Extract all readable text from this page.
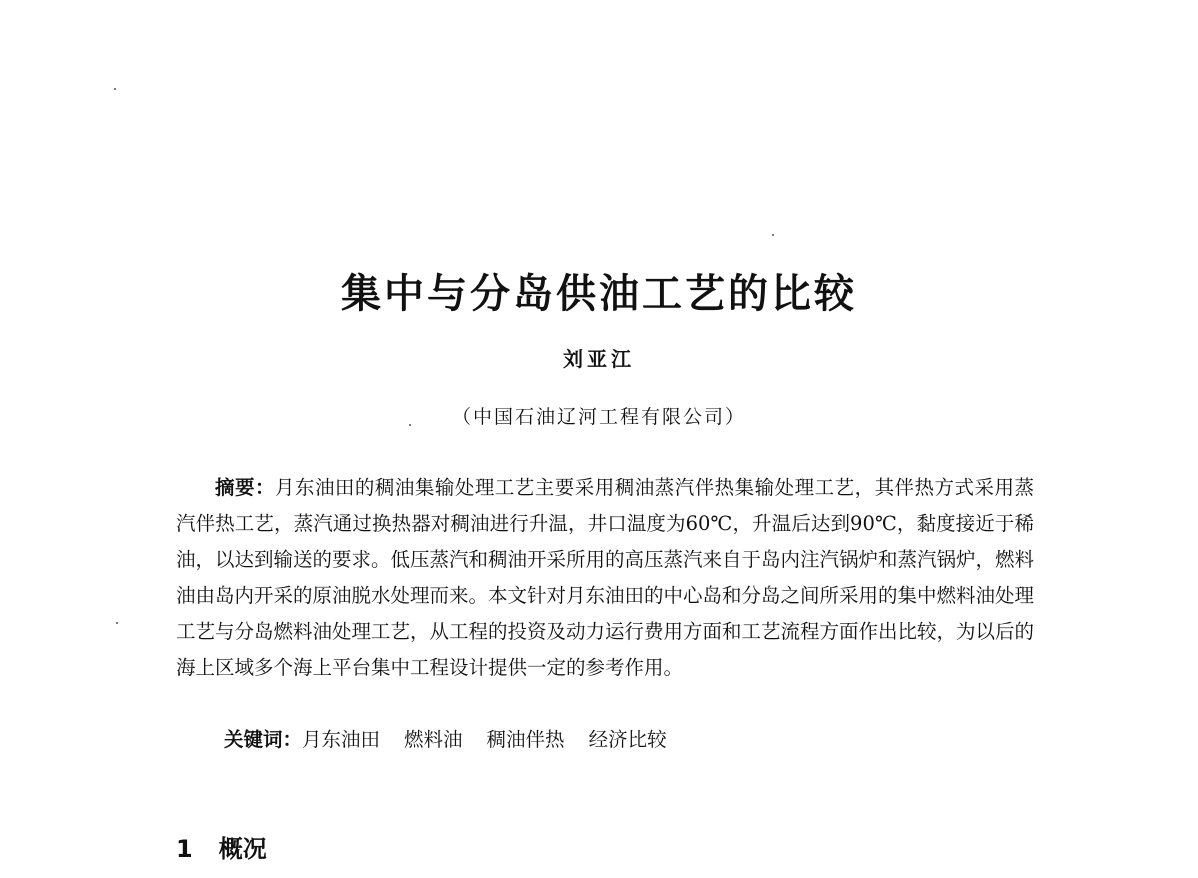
集中与分岛供油工艺的比较
刘亚江
（中国石油辽河工程有限公司）

摘要：月东油田的稠油集输处理工艺主要采用稠油蒸汽伴热集输处理工艺，其伴热方式采用蒸汽伴热工艺，蒸汽通过换热器对稠油进行升温，井口温度为60℃，升温后达到90℃，黏度接近于稀油，以达到输送的要求。低压蒸汽和稠油开采所用的高压蒸汽来自于岛内注汽锅炉和蒸汽锅炉，燃料油由岛内开采的原油脱水处理而来。本文针对月东油田的中心岛和分岛之间所采用的集中燃料油处理工艺与分岛燃料油处理工艺，从工程的投资及动力运行费用方面和工艺流程方面作出比较，为以后的海上区域多个海上平台集中工程设计提供一定的参考作用。

关键词：月东油田 燃料油 稠油伴热 经济比较
1 概况
